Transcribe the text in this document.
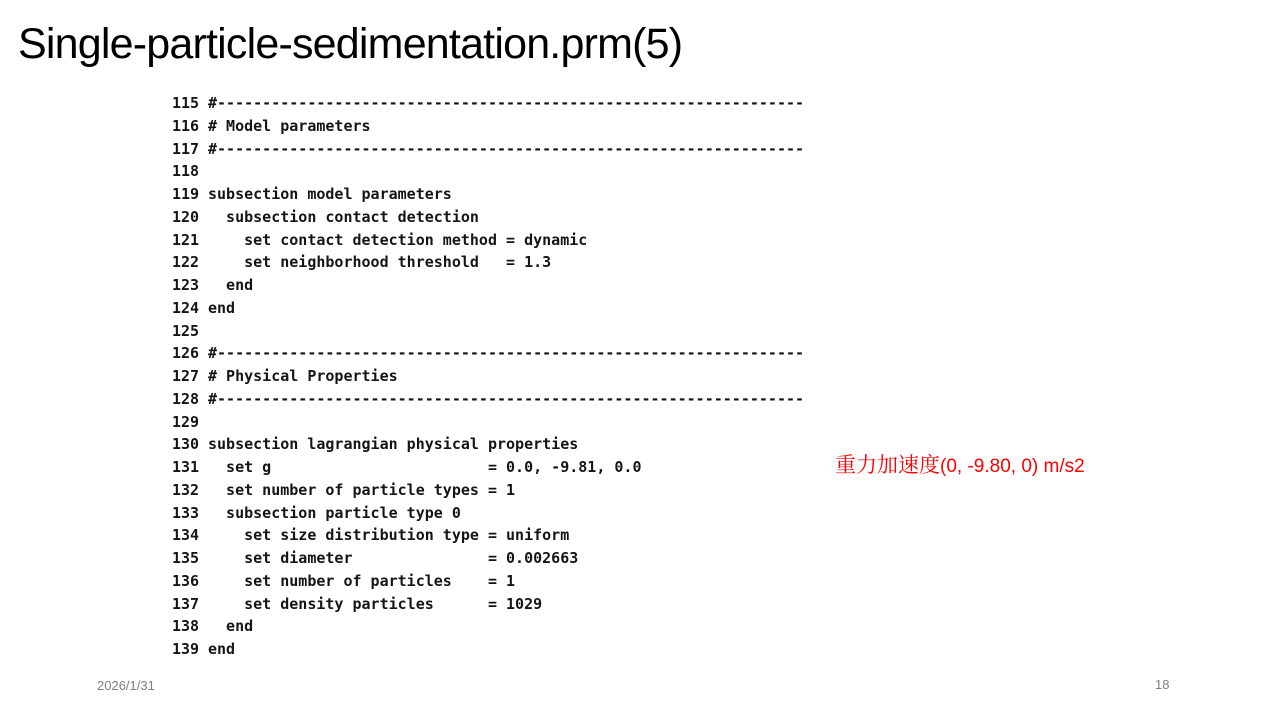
Single-particle-sedimentation.prm(5)
115 #-----------------------------------------------------------------
116 # Model parameters
117 #-----------------------------------------------------------------
118
119 subsection model parameters
120  subsection contact detection
121    set contact detection method = dynamic
122    set neighborhood threshold   = 1.3
123  end
124 end
125
126 #-----------------------------------------------------------------
127 # Physical Properties
128 #-----------------------------------------------------------------
129
130 subsection lagrangian physical properties
131  set g                        = 0.0, -9.81, 0.0
132  set number of particle types = 1
133  subsection particle type 0
134    set size distribution type = uniform
135    set diameter               = 0.002663
136    set number of particles    = 1
137    set density particles      = 1029
138  end
139 end
重力加速度(0, -9.80, 0) m/s2
2026/1/31	18
